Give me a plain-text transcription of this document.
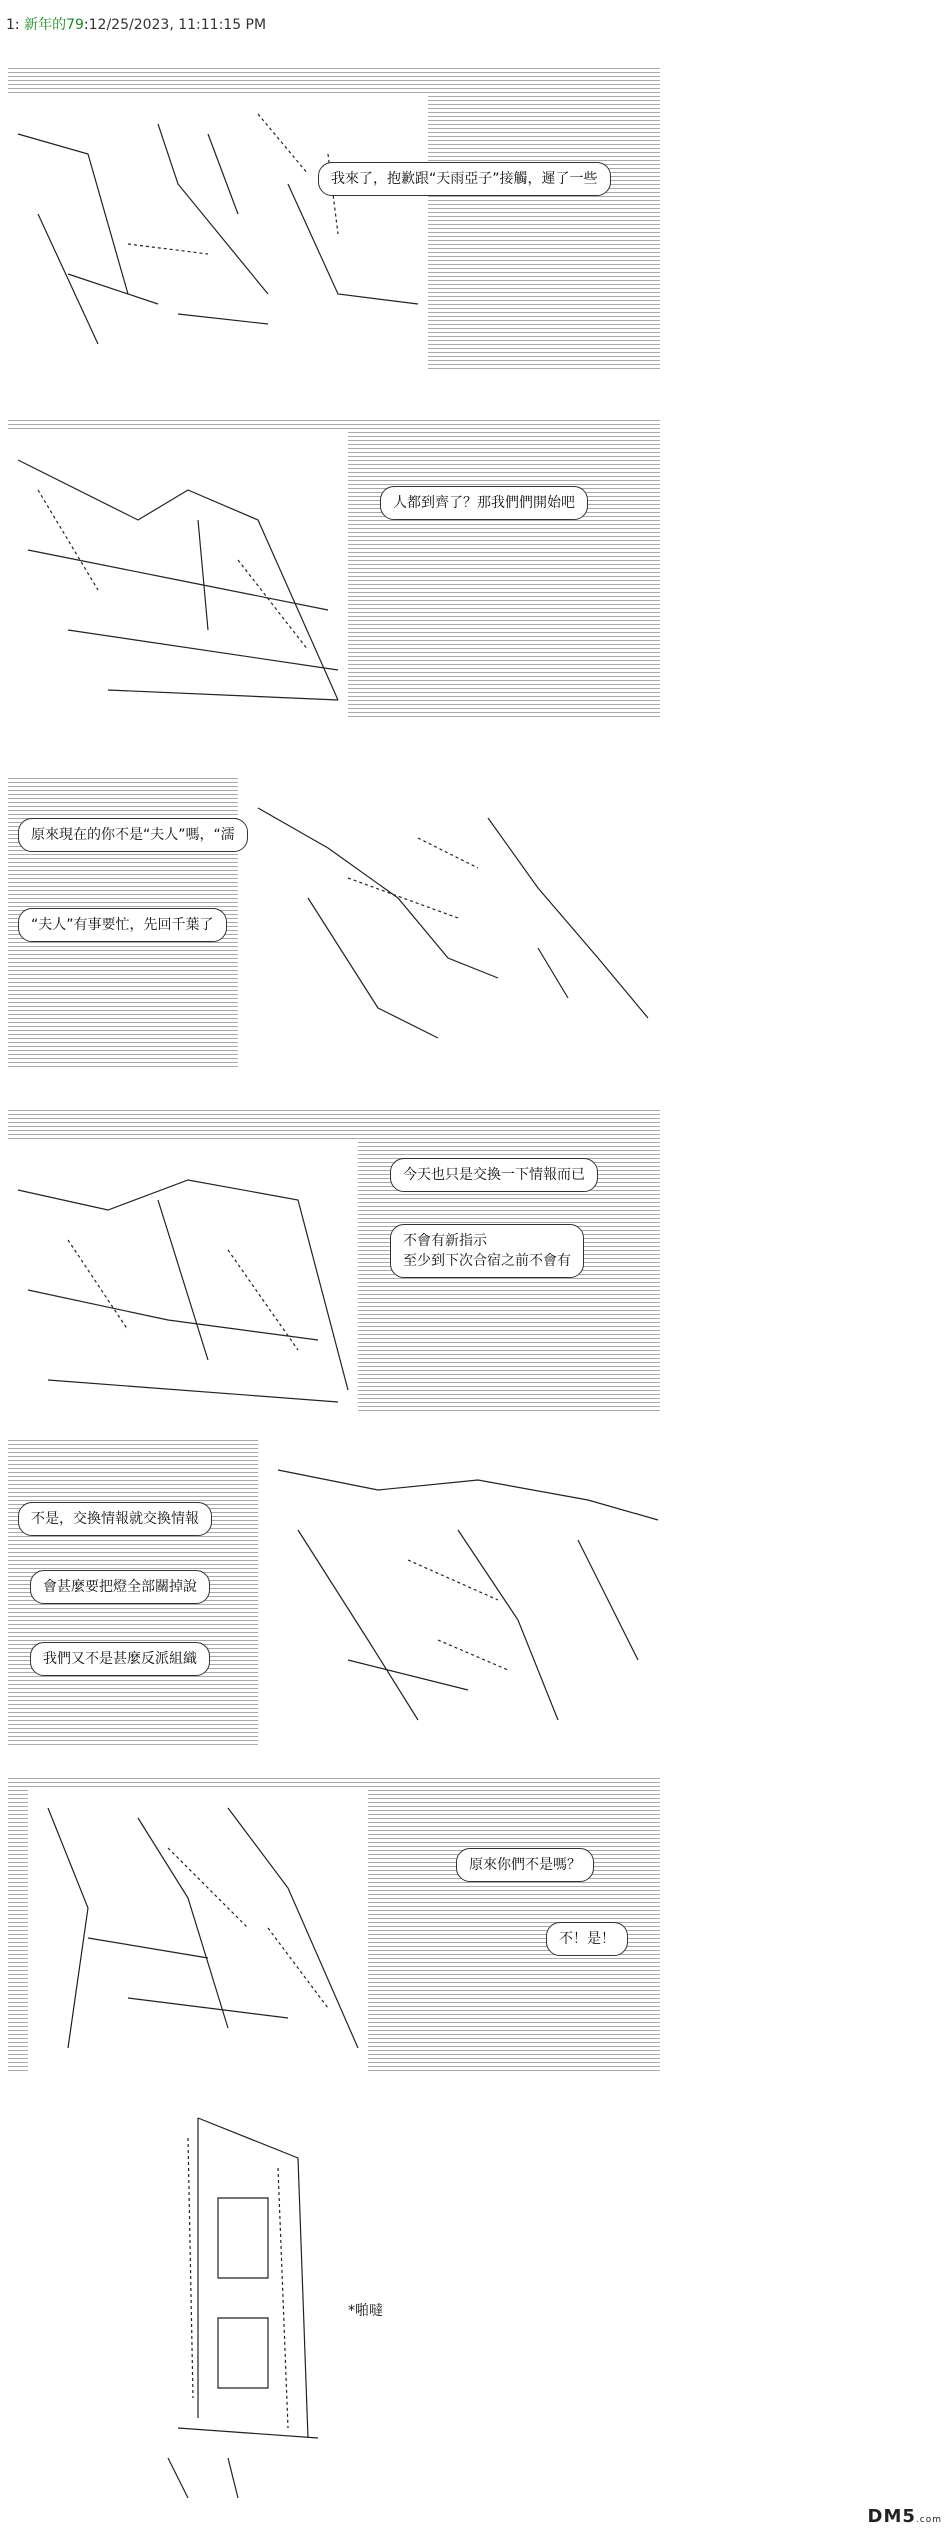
1: 新年的79:12/25/2023, 11:11:15 PM
我來了，抱歉跟“天雨亞子”接觸，遲了一些
人都到齊了？那我們們開始吧
原來現在的你不是“夫人”嗎，“濡
“夫人”有事要忙，先回千葉了
今天也只是交換一下情報而已
不會有新指示
至少到下次合宿之前不會有
不是，交換情報就交換情報
會甚麼要把燈全部關掉說
我們又不是甚麼反派組織
原來你們不是嗎？
不！是！
*啪噠
DM5.com
